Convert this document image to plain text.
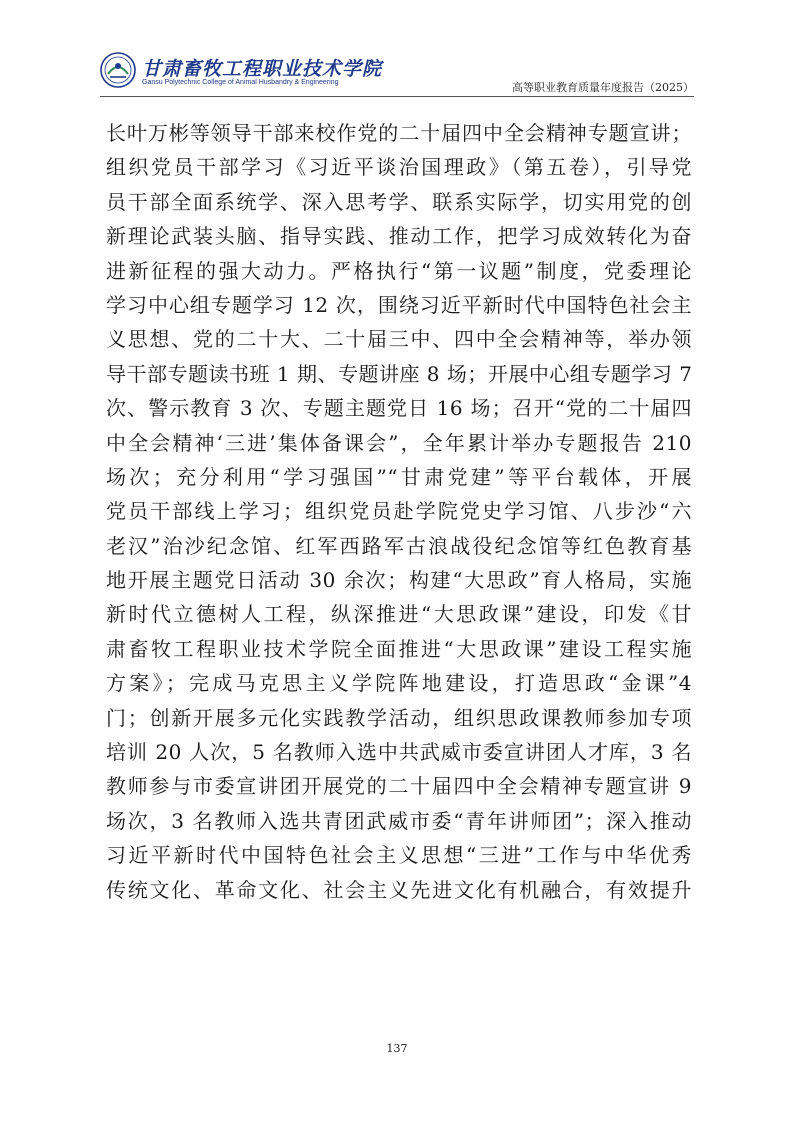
甘肃畜牧工程职业技术学院
Gansu Polytechnic College of Animal Husbandry & Engineering	高等职业教育质量年度报告（2025）
长叶万彬等领导干部来校作党的二十届四中全会精神专题宣讲；
组织党员干部学习《习近平谈治国理政》（第五卷），引导党
员干部全面系统学、深入思考学、联系实际学，切实用党的创
新理论武装头脑、指导实践、推动工作，把学习成效转化为奋
进新征程的强大动力。严格执行“第一议题”制度，党委理论
学习中心组专题学习 12 次，围绕习近平新时代中国特色社会主
义思想、党的二十大、二十届三中、四中全会精神等，举办领
导干部专题读书班 1 期、专题讲座 8 场；开展中心组专题学习 7
次、警示教育 3 次、专题主题党日 16 场；召开“党的二十届四
中全会精神‘三进’集体备课会”，全年累计举办专题报告 210
场次；充分利用“学习强国”“甘肃党建”等平台载体，开展
党员干部线上学习；组织党员赴学院党史学习馆、八步沙“六
老汉”治沙纪念馆、红军西路军古浪战役纪念馆等红色教育基
地开展主题党日活动 30 余次；构建“大思政”育人格局，实施
新时代立德树人工程，纵深推进“大思政课”建设，印发《甘
肃畜牧工程职业技术学院全面推进“大思政课”建设工程实施
方案》；完成马克思主义学院阵地建设，打造思政“金课”4
门；创新开展多元化实践教学活动，组织思政课教师参加专项
培训 20 人次，5 名教师入选中共武威市委宣讲团人才库，3 名
教师参与市委宣讲团开展党的二十届四中全会精神专题宣讲 9
场次，3 名教师入选共青团武威市委“青年讲师团”；深入推动
习近平新时代中国特色社会主义思想“三进”工作与中华优秀
传统文化、革命文化、社会主义先进文化有机融合，有效提升
137
